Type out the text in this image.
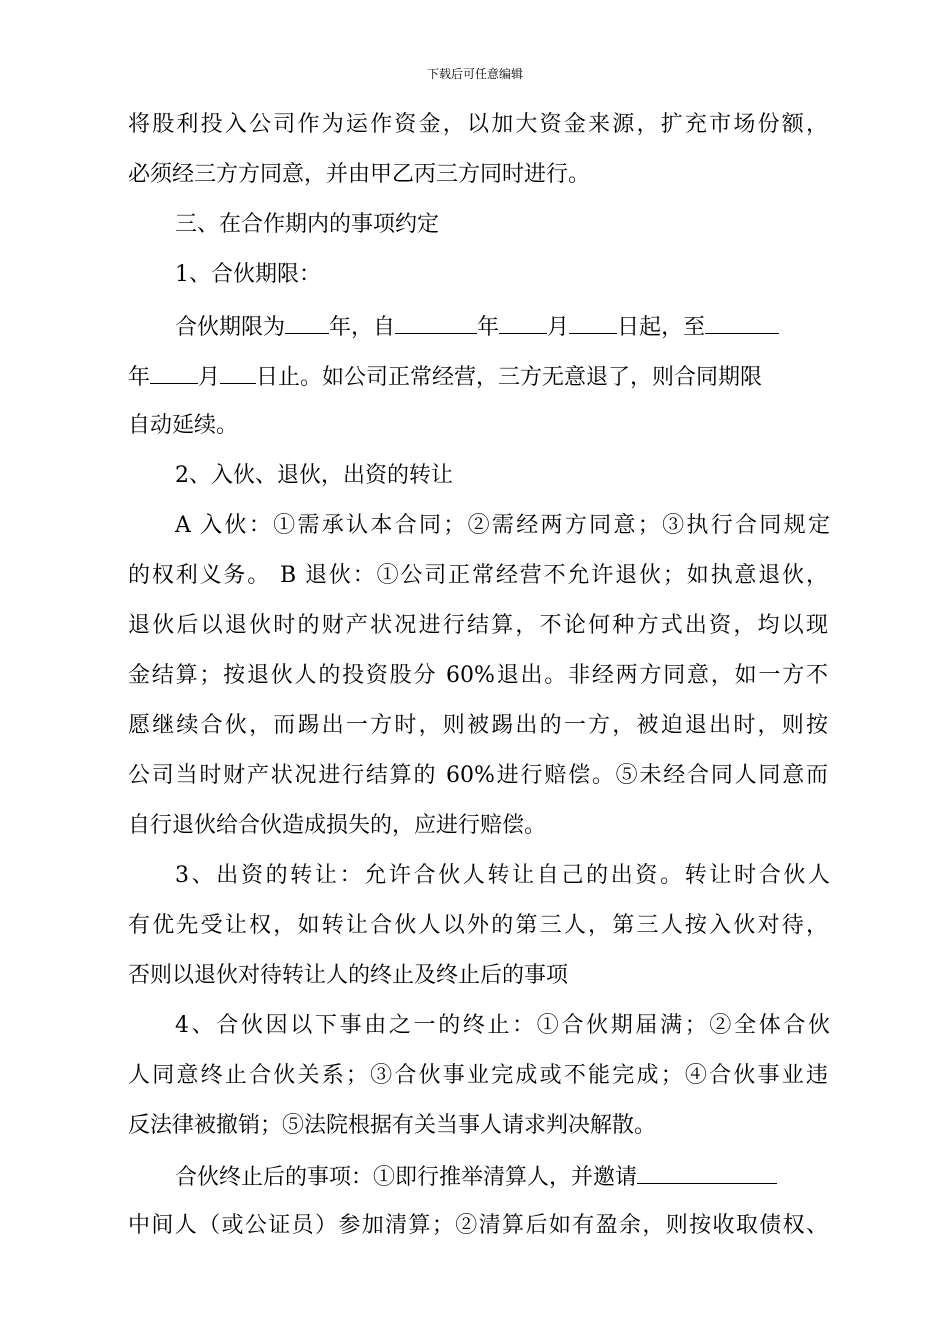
下载后可任意编辑
将股利投入公司作为运作资金，以加大资金来源，扩充市场份额，
必须经三方方同意，并由甲乙丙三方同时进行。
三、在合作期内的事项约定
1、合伙期限：
合伙期限为 年，自	年 月 日起，至
年 月 日止。如公司正常经营，三方无意退了，则合同期限
自动延续。
2、入伙、退伙，出资的转让
A 入伙：①需承认本合同；②需经两方同意；③执行合同规定
的权利义务。 B 退伙：①公司正常经营不允许退伙；如执意退伙，
退伙后以退伙时的财产状况进行结算，不论何种方式出资，均以现
金结算；按退伙人的投资股分 60%退出。非经两方同意，如一方不
愿继续合伙，而踢出一方时，则被踢出的一方，被迫退出时，则按
公司当时财产状况进行结算的 60%进行赔偿。⑤未经合同人同意而
自行退伙给合伙造成损失的，应进行赔偿。
3、出资的转让：允许合伙人转让自己的出资。转让时合伙人
有优先受让权，如转让合伙人以外的第三人，第三人按入伙对待，
否则以退伙对待转让人的终止及终止后的事项
4、合伙因以下事由之一的终止：①合伙期届满；②全体合伙
人同意终止合伙关系；③合伙事业完成或不能完成；④合伙事业违
反法律被撤销；⑤法院根据有关当事人请求判决解散。
合伙终止后的事项：①即行推举清算人，并邀请
中间人（或公证员）参加清算；②清算后如有盈余，则按收取债权、
